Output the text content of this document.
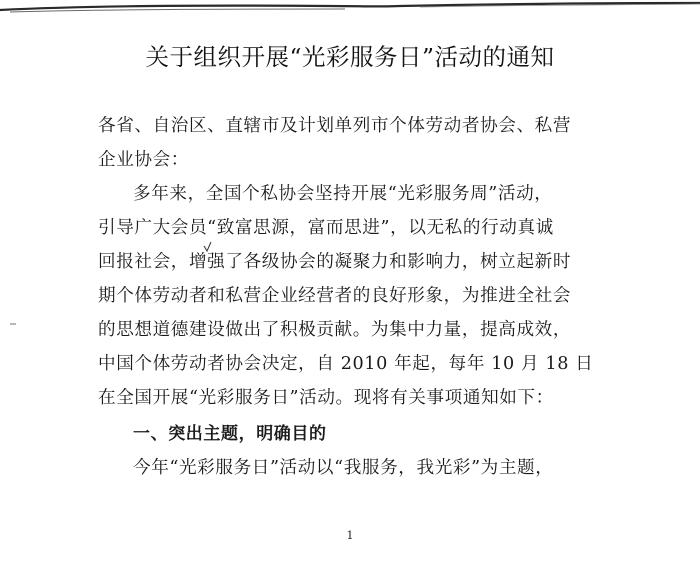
关于组织开展“光彩服务日”活动的通知
各省、自治区、直辖市及计划单列市个体劳动者协会、私营
企业协会：
多年来，全国个私协会坚持开展“光彩服务周”活动，
引导广大会员“致富思源，富而思进”，以无私的行动真诚
回报社会，增强了各级协会的凝聚力和影响力，树立起新时
期个体劳动者和私营企业经营者的良好形象，为推进全社会
的思想道德建设做出了积极贡献。为集中力量，提高成效，
中国个体劳动者协会决定，自 2010 年起，每年 10 月 18 日
在全国开展“光彩服务日”活动。现将有关事项通知如下：
一、突出主题，明确目的
今年“光彩服务日”活动以“我服务，我光彩”为主题，
1
